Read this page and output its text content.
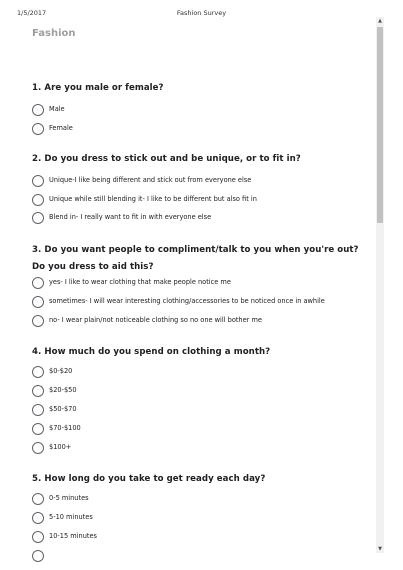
1/5/2017	Fashion Survey
Fashion
1. Are you male or female?
Male
Female
2. Do you dress to stick out and be unique, or to fit in?
Unique-I like being different and stick out from everyone else
Unique while still blending it- I like to be different but also fit in
Blend in- I really want to fit in with everyone else
3. Do you want people to compliment/talk to you when you're out? Do you dress to aid this?
yes- I like to wear clothing that make people notice me
sometimes- I will wear interesting clothing/accessories to be noticed once in awhile
no- I wear plain/not noticeable clothing so no one will bother me
4. How much do you spend on clothing a month?
$0-$20
$20-$50
$50-$70
$70-$100
$100+
5. How long do you take to get ready each day?
0-5 minutes
5-10 minutes
10-15 minutes
▲
▼
